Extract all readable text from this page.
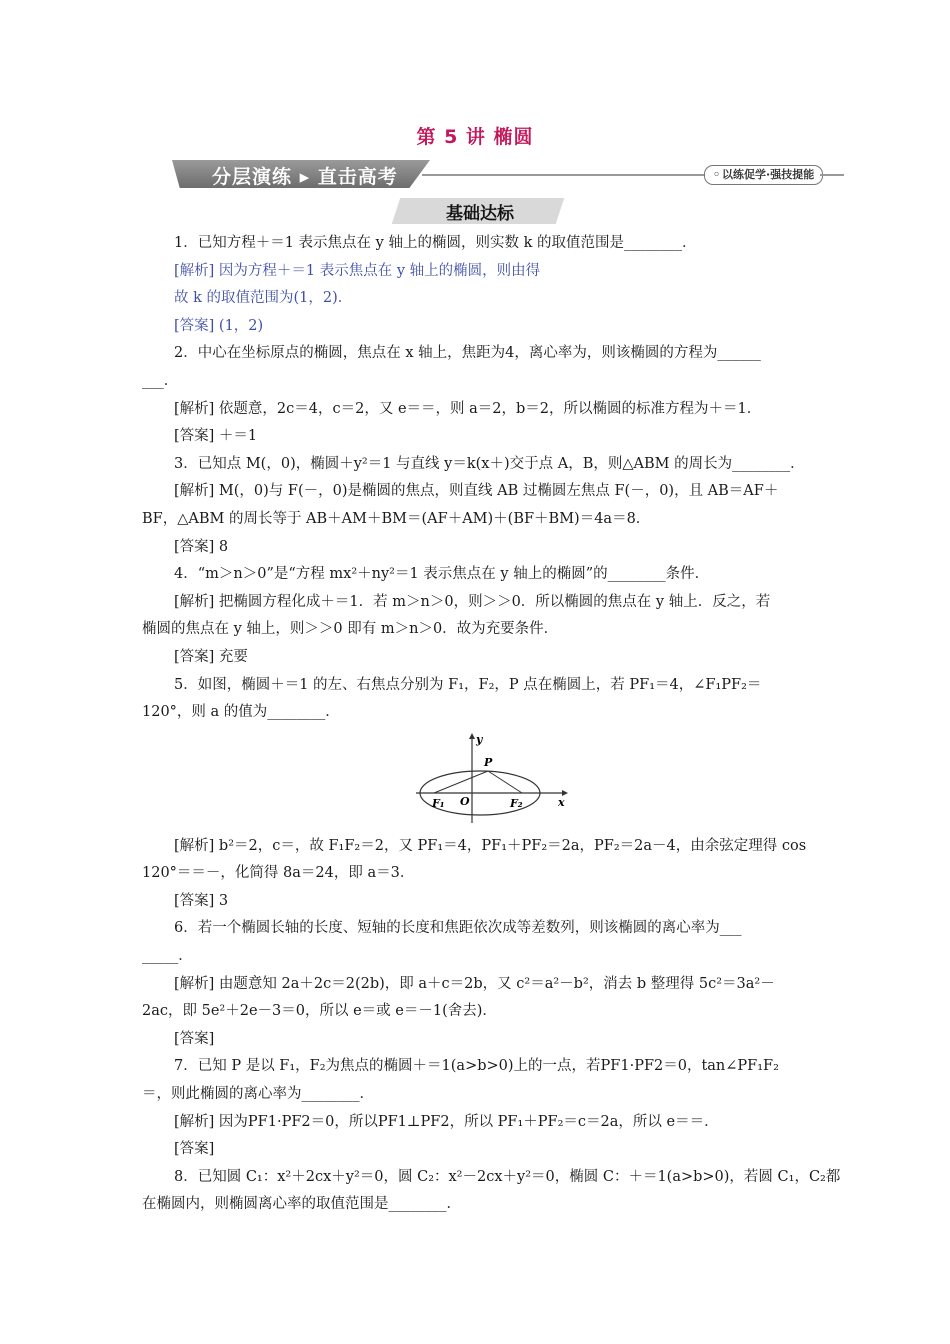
第 5 讲 椭圆
分层演练 ▸ 直击高考
◦	以练促学·强技提能
基础达标
1．已知方程＋＝1 表示焦点在 y 轴上的椭圆，则实数 k 的取值范围是________．
[解析] 因为方程＋＝1 表示焦点在 y 轴上的椭圆，则由得
故 k 的取值范围为(1，2)．
[答案] (1，2)
2．中心在坐标原点的椭圆，焦点在 x 轴上，焦距为4，离心率为，则该椭圆的方程为______
___．
[解析] 依题意，2c＝4，c＝2，又 e＝＝，则 a＝2，b＝2，所以椭圆的标准方程为＋＝1．
[答案] ＋＝1
3．已知点 M(，0)，椭圆＋y²＝1 与直线 y＝k(x＋)交于点 A，B，则△ABM 的周长为________．
[解析] M(，0)与 F(－，0)是椭圆的焦点，则直线 AB 过椭圆左焦点 F(－，0)，且 AB＝AF＋
BF，△ABM 的周长等于 AB＋AM＋BM＝(AF＋AM)＋(BF＋BM)＝4a＝8．
[答案] 8
4．“m＞n＞0”是“方程 mx²＋ny²＝1 表示焦点在 y 轴上的椭圆”的________条件．
[解析] 把椭圆方程化成＋＝1．若 m＞n＞0，则＞＞0．所以椭圆的焦点在 y 轴上．反之，若
椭圆的焦点在 y 轴上，则＞＞0 即有 m＞n＞0．故为充要条件．
[答案] 充要
5．如图，椭圆＋＝1 的左、右焦点分别为 F₁，F₂，P 点在椭圆上，若 PF₁＝4，∠F₁PF₂＝
120°，则 a 的值为________．
y
x
P
O
F₁	F₂
[解析] b²＝2，c＝，故 F₁F₂＝2，又 PF₁＝4，PF₁＋PF₂＝2a，PF₂＝2a－4，由余弦定理得 cos
120°＝＝－，化简得 8a＝24，即 a＝3．
[答案] 3
6．若一个椭圆长轴的长度、短轴的长度和焦距依次成等差数列，则该椭圆的离心率为___
_____．
[解析] 由题意知 2a＋2c＝2(2b)，即 a＋c＝2b，又 c²＝a²－b²，消去 b 整理得 5c²＝3a²－
2ac，即 5e²＋2e－3＝0，所以 e＝或 e＝－1(舍去)．
[答案]
7．已知 P 是以 F₁，F₂为焦点的椭圆＋＝1(a>b>0)上的一点，若PF1·PF2＝0，tan∠PF₁F₂
＝，则此椭圆的离心率为________．
[解析] 因为PF1·PF2＝0，所以PF1⊥PF2，所以 PF₁＋PF₂＝c＝2a，所以 e＝＝．
[答案]
8．已知圆 C₁：x²＋2cx＋y²＝0，圆 C₂：x²－2cx＋y²＝0，椭圆 C：＋＝1(a>b>0)，若圆 C₁，C₂都
在椭圆内，则椭圆离心率的取值范围是________．
